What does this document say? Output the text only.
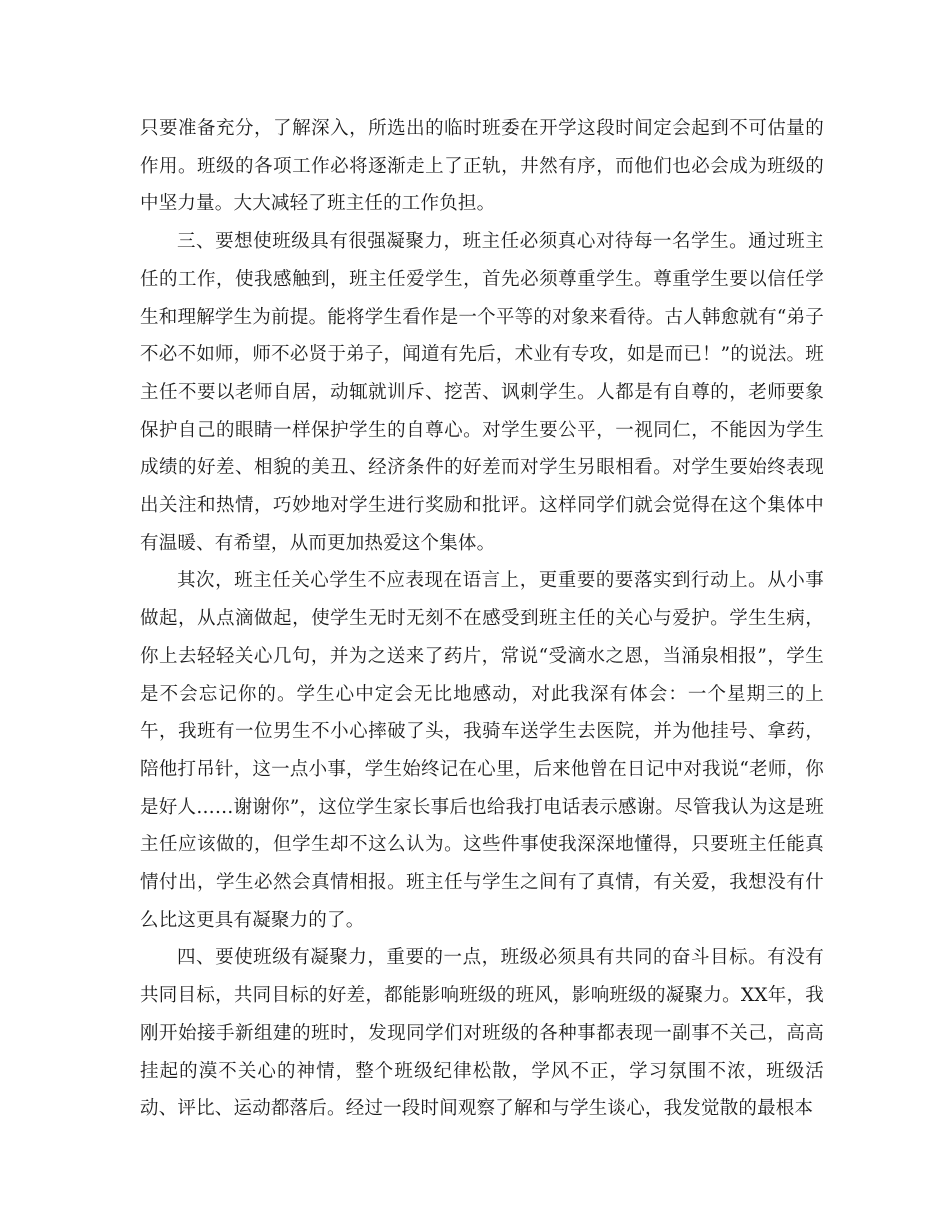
只要准备充分，了解深入，所选出的临时班委在开学这段时间定会起到不可估量的作用。班级的各项工作必将逐渐走上了正轨，井然有序，而他们也必会成为班级的中坚力量。大大减轻了班主任的工作负担。

三、要想使班级具有很强凝聚力，班主任必须真心对待每一名学生。通过班主任的工作，使我感触到，班主任爱学生，首先必须尊重学生。尊重学生要以信任学生和理解学生为前提。能将学生看作是一个平等的对象来看待。古人韩愈就有“弟子不必不如师，师不必贤于弟子，闻道有先后，术业有专攻，如是而已！”的说法。班主任不要以老师自居，动辄就训斥、挖苦、讽刺学生。人都是有自尊的，老师要象保护自己的眼睛一样保护学生的自尊心。对学生要公平，一视同仁，不能因为学生成绩的好差、相貌的美丑、经济条件的好差而对学生另眼相看。对学生要始终表现出关注和热情，巧妙地对学生进行奖励和批评。这样同学们就会觉得在这个集体中有温暖、有希望，从而更加热爱这个集体。

其次，班主任关心学生不应表现在语言上，更重要的要落实到行动上。从小事做起，从点滴做起，使学生无时无刻不在感受到班主任的关心与爱护。学生生病，你上去轻轻关心几句，并为之送来了药片，常说“受滴水之恩，当涌泉相报”，学生是不会忘记你的。学生心中定会无比地感动，对此我深有体会：一个星期三的上午，我班有一位男生不小心摔破了头，我骑车送学生去医院，并为他挂号、拿药，陪他打吊针，这一点小事，学生始终记在心里，后来他曾在日记中对我说“老师，你是好人……谢谢你”，这位学生家长事后也给我打电话表示感谢。尽管我认为这是班主任应该做的，但学生却不这么认为。这些件事使我深深地懂得，只要班主任能真情付出，学生必然会真情相报。班主任与学生之间有了真情，有关爱，我想没有什么比这更具有凝聚力的了。

四、要使班级有凝聚力，重要的一点，班级必须具有共同的奋斗目标。有没有共同目标，共同目标的好差，都能影响班级的班风，影响班级的凝聚力。XX年，我刚开始接手新组建的班时，发现同学们对班级的各种事都表现一副事不关己，高高挂起的漠不关心的神情，整个班级纪律松散，学风不正，学习氛围不浓，班级活动、评比、运动都落后。经过一段时间观察了解和与学生谈心，我发觉散的最根本
